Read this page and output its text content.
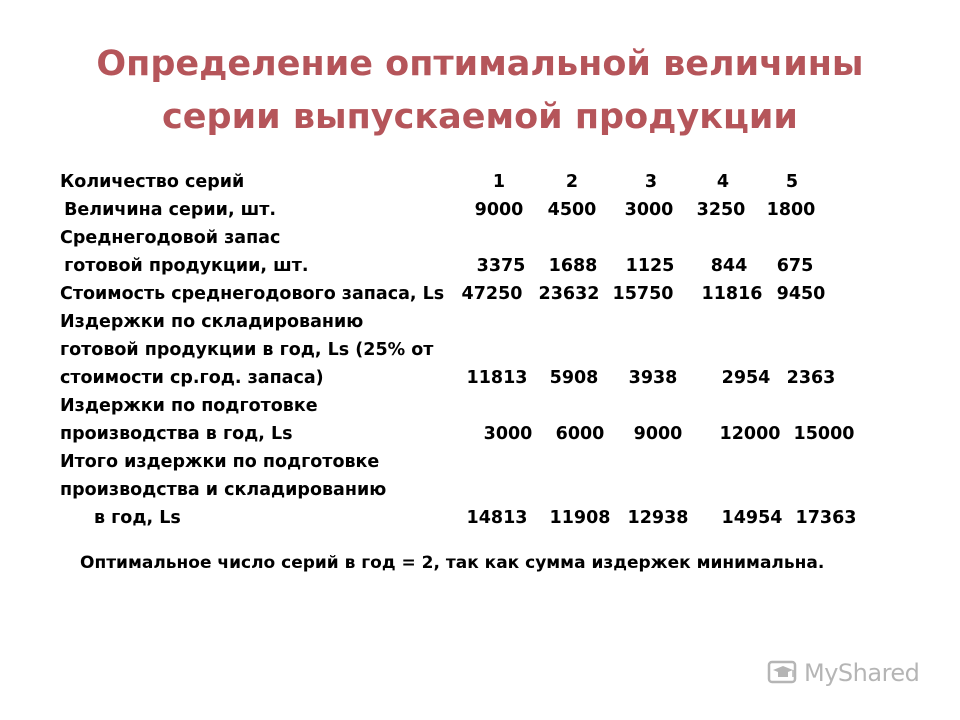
Определение оптимальной величины
серии выпускаемой продукции
Количество серий	1	2	3	4	5
Величина серии, шт.	9000	4500	3000	3250	1800
Среднегодовой запас
готовой продукции, шт.	3375	1688	1125	844	675
Стоимость среднегодового запаса, Ls 47250 23632 15750 11816 9450
Издержки по складированию
готовой продукции в год, Ls (25% от
стоимости ср.год. запаса)	11813	5908	3938	2954 2363
Издержки по подготовке
производства в год, Ls	3000	6000	9000	12000 15000
Итого издержки по подготовке
производства и складированию
в год, Ls	14813 11908 12938 14954 17363
Оптимальное число серий в год = 2, так как сумма издержек минимальна.
MyShared
